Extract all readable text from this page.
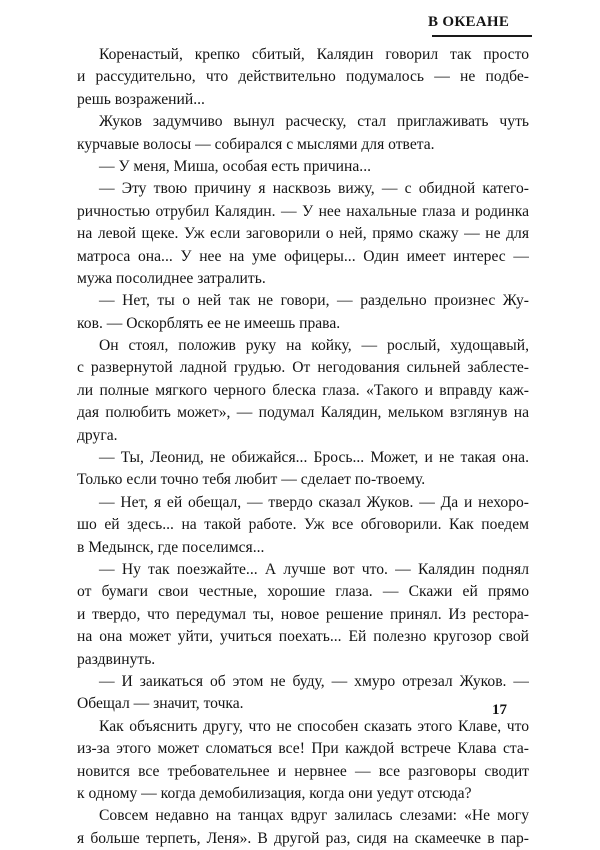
В ОКЕАНЕ
Коренастый, крепко сбитый, Калядин говорил так просто
и рассудительно, что действительно подумалось — не подбе-
решь возражений...
Жуков задумчиво вынул расческу, стал приглаживать чуть
курчавые волосы — собирался с мыслями для ответа.
— У меня, Миша, особая есть причина...
— Эту твою причину я насквозь вижу, — с обидной катего-
ричностью отрубил Калядин. — У нее нахальные глаза и родинка
на левой щеке. Уж если заговорили о ней, прямо скажу — не для
матроса она... У нее на уме офицеры... Один имеет интерес —
мужа посолиднее затралить.
— Нет, ты о ней так не говори, — раздельно произнес Жу-
ков. — Оскорблять ее не имеешь права.
Он стоял, положив руку на койку, — рослый, худощавый,
с развернутой ладной грудью. От негодования сильней заблесте-
ли полные мягкого черного блеска глаза. «Такого и вправду каж-
дая полюбить может», — подумал Калядин, мельком взглянув на
друга.
— Ты, Леонид, не обижайся... Брось... Может, и не такая она.
Только если точно тебя любит — сделает по-твоему.
— Нет, я ей обещал, — твердо сказал Жуков. — Да и нехоро-
шо ей здесь... на такой работе. Уж все обговорили. Как поедем
в Медынск, где поселимся...
— Ну так поезжайте... А лучше вот что. — Калядин поднял
от бумаги свои честные, хорошие глаза. — Скажи ей прямо
и твердо, что передумал ты, новое решение принял. Из рестора-
на она может уйти, учиться поехать... Ей полезно кругозор свой
раздвинуть.
— И заикаться об этом не буду, — хмуро отрезал Жуков. —
Обещал — значит, точка.
Как объяснить другу, что не способен сказать этого Клаве, что
из-за этого может сломаться все! При каждой встрече Клава ста-
новится все требовательнее и нервнее — все разговоры сводит
к одному — когда демобилизация, когда они уедут отсюда?
Совсем недавно на танцах вдруг залилась слезами: «Не могу
я больше терпеть, Леня». В другой раз, сидя на скамеечке в пар-
17
